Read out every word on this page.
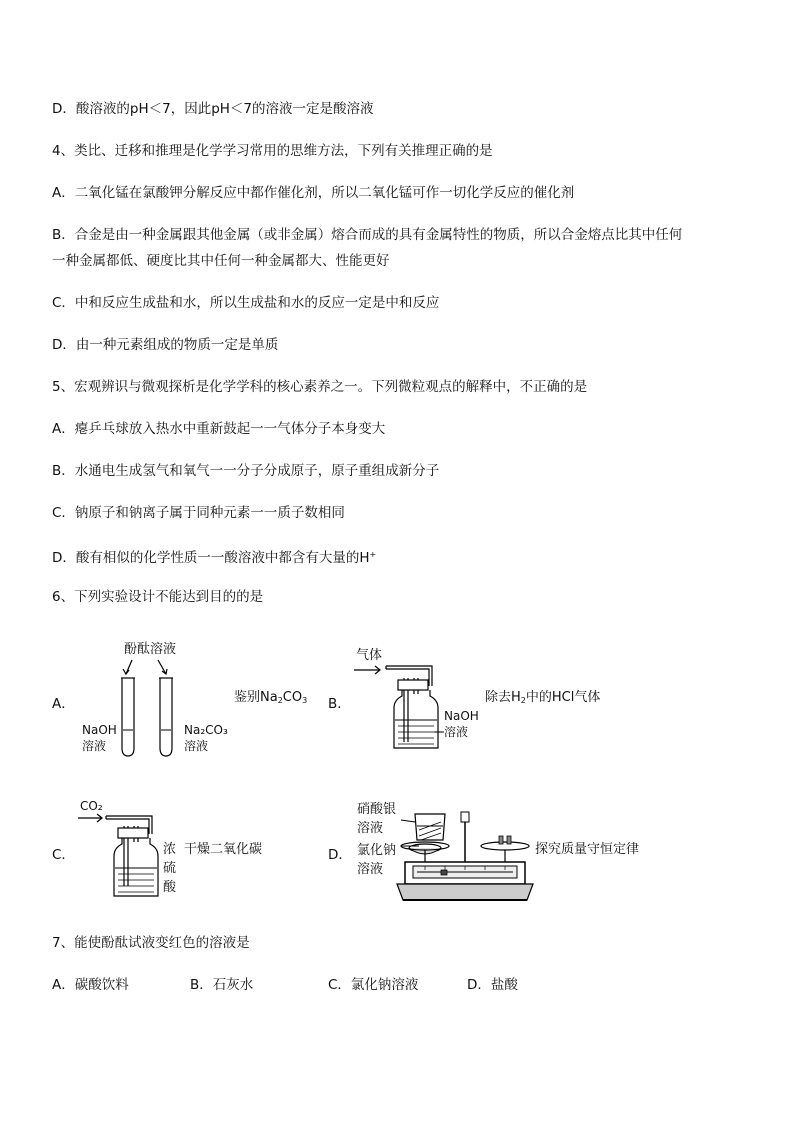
D．酸溶液的pH＜7，因此pH＜7的溶液一定是酸溶液
4、类比、迁移和推理是化学学习常用的思维方法，下列有关推理正确的是
A．二氧化锰在氯酸钾分解反应中都作催化剂，所以二氧化锰可作一切化学反应的催化剂
B．合金是由一种金属跟其他金属（或非金属）熔合而成的具有金属特性的物质，所以合金熔点比其中任何
一种金属都低、硬度比其中任何一种金属都大、性能更好
C．中和反应生成盐和水，所以生成盐和水的反应一定是中和反应
D．由一种元素组成的物质一定是单质
5、宏观辨识与微观探析是化学学科的核心素养之一。下列微粒观点的解释中，不正确的是
A．瘪乒乓球放入热水中重新鼓起一一气体分子本身变大
B．水通电生成氢气和氧气一一分子分成原子，原子重组成新分子
C．钠原子和钠离子属于同种元素一一质子数相同
D．酸有相似的化学性质一一酸溶液中都含有大量的H+
6、下列实验设计不能达到目的的是
A．
酚酞溶液
NaOH
溶液
Na₂CO₃
溶液
鉴别$Na_2CO_3$ B．
气体
NaOH
溶液
除去$H_2$中的HCl气体
C．
CO₂
浓
硫
酸
干燥二氧化碳	D．
硝酸银
溶液
氯化钠
溶液
探究质量守恒定律
7、能使酚酞试液变红色的溶液是
A．碳酸饮料	B．石灰水	C．氯化钠溶液	D．盐酸
